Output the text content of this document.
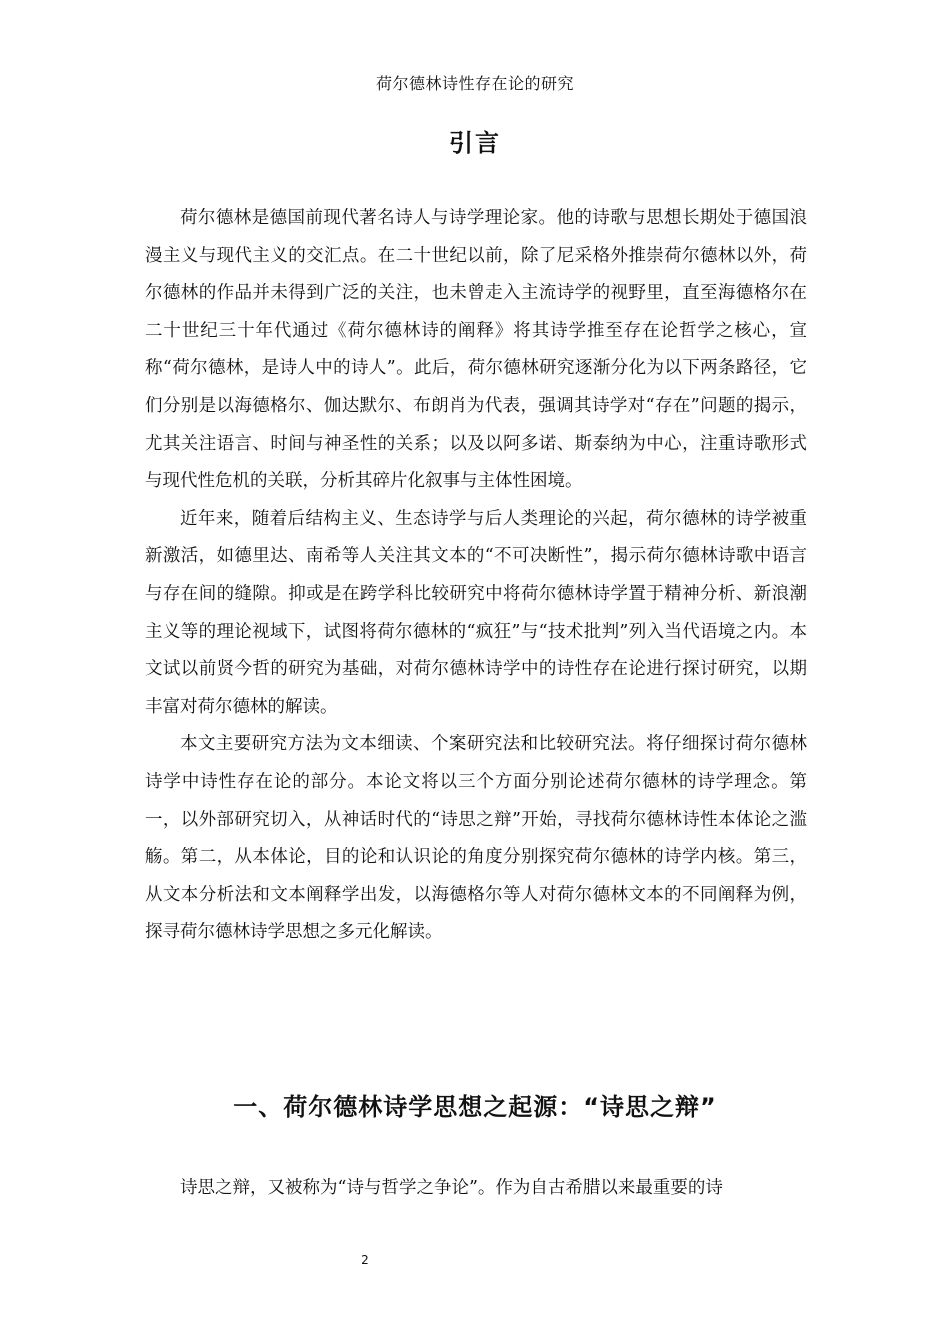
荷尔德林诗性存在论的研究
引言

荷尔德林是德国前现代著名诗人与诗学理论家。他的诗歌与思想长期处于德国浪漫主义与现代主义的交汇点。在二十世纪以前，除了尼采格外推崇荷尔德林以外，荷尔德林的作品并未得到广泛的关注，也未曾走入主流诗学的视野里，直至海德格尔在二十世纪三十年代通过《荷尔德林诗的阐释》将其诗学推至存在论哲学之核心，宣称“荷尔德林，是诗人中的诗人”。此后，荷尔德林研究逐渐分化为以下两条路径，它们分别是以海德格尔、伽达默尔、布朗肖为代表，强调其诗学对“存在”问题的揭示，尤其关注语言、时间与神圣性的关系；以及以阿多诺、斯泰纳为中心，注重诗歌形式与现代性危机的关联，分析其碎片化叙事与主体性困境。

近年来，随着后结构主义、生态诗学与后人类理论的兴起，荷尔德林的诗学被重新激活，如德里达、南希等人关注其文本的“不可决断性”，揭示荷尔德林诗歌中语言与存在间的缝隙。抑或是在跨学科比较研究中将荷尔德林诗学置于精神分析、新浪潮主义等的理论视域下，试图将荷尔德林的“疯狂”与“技术批判”列入当代语境之内。本文试以前贤今哲的研究为基础，对荷尔德林诗学中的诗性存在论进行探讨研究，以期丰富对荷尔德林的解读。

本文主要研究方法为文本细读、个案研究法和比较研究法。将仔细探讨荷尔德林诗学中诗性存在论的部分。本论文将以三个方面分别论述荷尔德林的诗学理念。第一，以外部研究切入，从神话时代的“诗思之辩”开始，寻找荷尔德林诗性本体论之滥觞。第二，从本体论，目的论和认识论的角度分别探究荷尔德林的诗学内核。第三，从文本分析法和文本阐释学出发，以海德格尔等人对荷尔德林文本的不同阐释为例，探寻荷尔德林诗学思想之多元化解读。

一、荷尔德林诗学思想之起源：“诗思之辩”

诗思之辩，又被称为“诗与哲学之争论”。作为自古希腊以来最重要的诗

2
